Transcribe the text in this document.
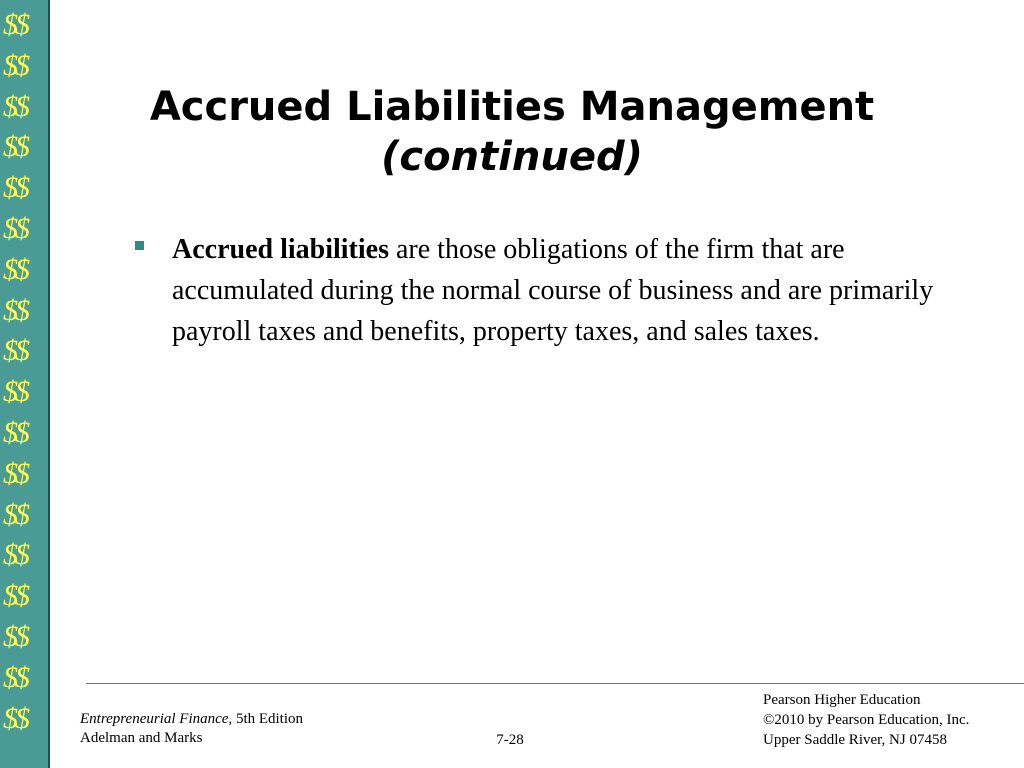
$$
$$
$$
$$
$$
$$
$$
$$
$$
$$
$$
$$
$$
$$
$$
$$
$$
$$
Accrued Liabilities Management
(continued)
Accrued liabilities are those obligations of the firm that are accumulated during the normal course of business and are primarily payroll taxes and benefits, property taxes, and sales taxes.
Entrepreneurial Finance, 5th Edition
Adelman and Marks	7-28
Pearson Higher Education
©2010 by Pearson Education, Inc.
Upper Saddle River, NJ 07458
